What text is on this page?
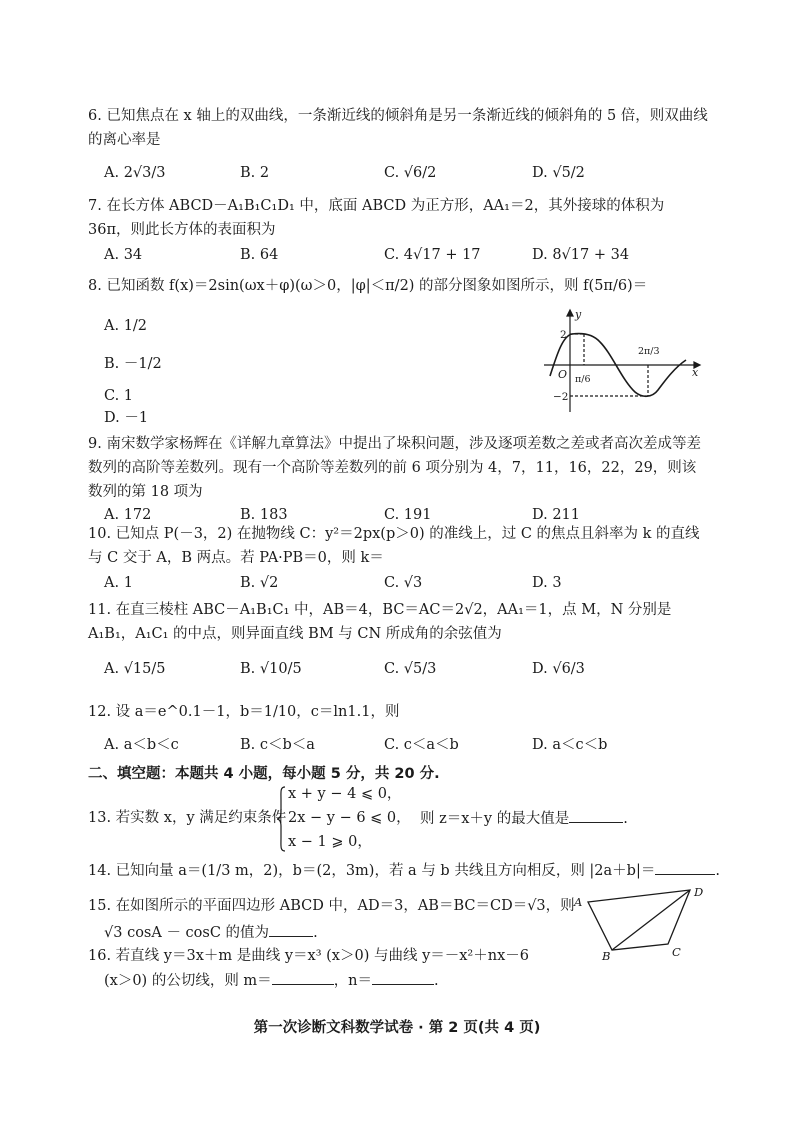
6. 已知焦点在 x 轴上的双曲线，一条渐近线的倾斜角是另一条渐近线的倾斜角的 5 倍，则双曲线的离心率是
A. 2√3/3	B. 2	C. √6/2	D. √5/2
7. 在长方体 ABCD－A₁B₁C₁D₁ 中，底面 ABCD 为正方形，AA₁＝2，其外接球的体积为 36π，则此长方体的表面积为
A. 34	B. 64	C. 4√17 + 17	D. 8√17 + 34
8. 已知函数 f(x)＝2sin(ωx＋φ)(ω＞0，|φ|＜π/2) 的部分图象如图所示，则 f(5π/6)＝
A. 1/2
B. －1/2
C. 1
D. －1
y
x
O
2
−2
π/6
2π/3
9. 南宋数学家杨辉在《详解九章算法》中提出了垛积问题，涉及逐项差数之差或者高次差成等差数列的高阶等差数列。现有一个高阶等差数列的前 6 项分别为 4，7，11，16，22，29，则该数列的第 18 项为
A. 172	B. 183	C. 191	D. 211
10. 已知点 P(－3，2) 在抛物线 C：y²＝2px(p＞0) 的准线上，过 C 的焦点且斜率为 k 的直线与 C 交于 A，B 两点。若 PA·PB＝0，则 k＝
A. 1	B. √2	C. √3	D. 3
11. 在直三棱柱 ABC－A₁B₁C₁ 中，AB＝4，BC＝AC＝2√2，AA₁＝1，点 M，N 分别是 A₁B₁，A₁C₁ 的中点，则异面直线 BM 与 CN 所成角的余弦值为
A. √15/5	B. √10/5	C. √5/3	D. √6/3
12. 设 a＝e^0.1－1，b＝1/10，c＝ln1.1，则
A. a＜b＜c	B. c＜b＜a	C. c＜a＜b	D. a＜c＜b
二、填空题：本题共 4 小题，每小题 5 分，共 20 分.
13. 若实数 x，y 满足约束条件
x + y − 4 ⩽ 0，
2x − y − 6 ⩽ 0，
x − 1 ⩾ 0，
则 z＝x＋y 的最大值是	.
14. 已知向量 a＝(1/3 m，2)，b＝(2，3m)，若 a 与 b 共线且方向相反，则 |2a＋b|＝	.
15. 在如图所示的平面四边形 ABCD 中，AD＝3，AB＝BC＝CD＝√3，则
√3 cosA － cosC 的值为	.
A
D
C
B
16. 若直线 y＝3x＋m 是曲线 y＝x³ (x＞0) 与曲线 y＝－x²＋nx－6
(x＞0) 的公切线，则 m＝	，n＝	.
第一次诊断文科数学试卷 · 第 2 页(共 4 页)
